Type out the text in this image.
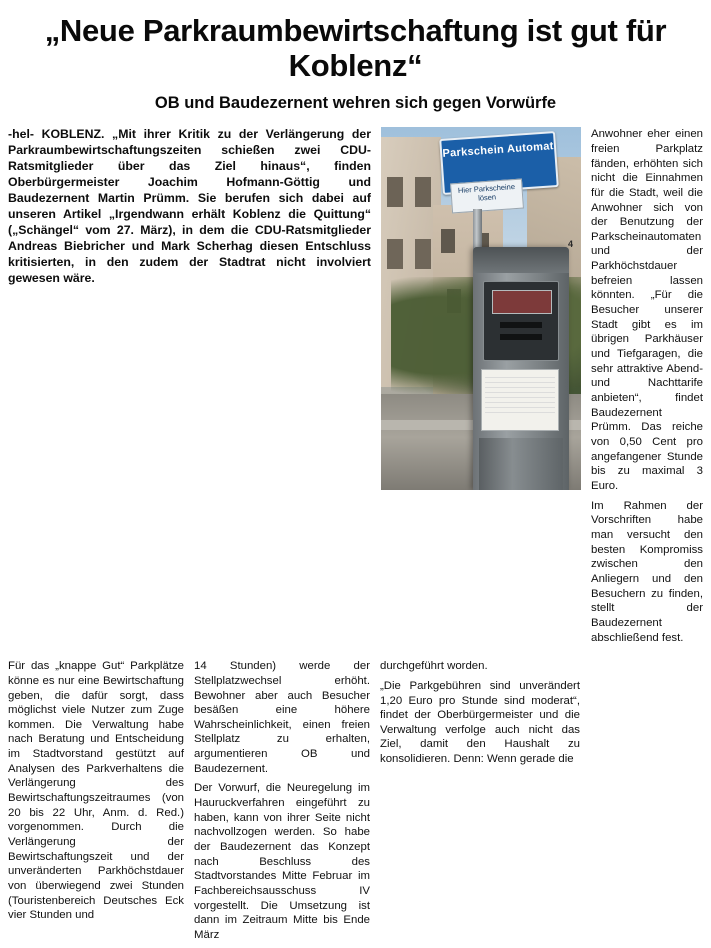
„Neue Parkraumbewirtschaftung ist gut für Koblenz“
OB und Baudezernent wehren sich gegen Vorwürfe

-hel- KOBLENZ. „Mit ihrer Kritik zu der Verlängerung der Parkraumbewirtschaftungszeiten schießen zwei CDU-Ratsmitglieder über das Ziel hinaus“, finden Oberbürgermeister Joachim Hofmann-Göttig und Baudezernent Martin Prümm. Sie berufen sich dabei auf unseren Artikel „Irgendwann erhält Koblenz die Quittung“ („Schängel“ vom 27. März), in dem die CDU-Ratsmitglieder Andreas Biebricher und Mark Scherhag diesen Entschluss kritisierten, in den zudem der Stadtrat nicht involviert gewesen wäre.

Parkschein Automat
Hier Parkscheine lösen
4

Anwohner eher einen freien Parkplatz fänden, erhöhten sich nicht die Einnahmen für die Stadt, weil die Anwohner sich von der Benutzung der Parkscheinautomaten und der Parkhöchstdauer befreien lassen könnten. „Für die Besucher unserer Stadt gibt es im übrigen Parkhäuser und Tiefgaragen, die sehr attraktive Abend- und Nachttarife anbieten“, findet Baudezernent Prümm. Das reiche von 0,50 Cent pro angefangener Stunde bis zu maximal 3 Euro.

Im Rahmen der Vorschriften habe man versucht den besten Kompromiss zwischen den Anliegern und den Besuchern zu finden, stellt der Baudezernent abschließend fest.

Für das „knappe Gut“ Parkplätze könne es nur eine Bewirtschaftung geben, die dafür sorgt, dass möglichst viele Nutzer zum Zuge kommen. Die Verwaltung habe nach Beratung und Entscheidung im Stadtvorstand gestützt auf Analysen des Parkverhaltens die Verlängerung des Bewirtschaftungszeitraumes (von 20 bis 22 Uhr, Anm. d. Red.) vorgenommen. Durch die Verlängerung der Bewirtschaftungszeit und der unveränderten Parkhöchstdauer von überwiegend zwei Stunden (Touristenbereich Deutsches Eck vier Stunden und

14 Stunden) werde der Stellplatzwechsel erhöht. Bewohner aber auch Besucher besäßen eine höhere Wahrscheinlichkeit, einen freien Stellplatz zu erhalten, argumentieren OB und Baudezernent.

Der Vorwurf, die Neuregelung im Hauruckverfahren eingeführt zu haben, kann von ihrer Seite nicht nachvollzogen werden. So habe der Baudezernent das Konzept nach Beschluss des Stadtvorstandes Mitte Februar im Fachbereichsausschuss IV vorgestellt. Die Umsetzung ist dann im Zeitraum Mitte bis Ende März

durchgeführt worden.

„Die Parkgebühren sind unverändert 1,20 Euro pro Stunde sind moderat“, findet der Oberbürgermeister und die Verwaltung verfolge auch nicht das Ziel, damit den Haushalt zu konsolidieren. Denn: Wenn gerade die
